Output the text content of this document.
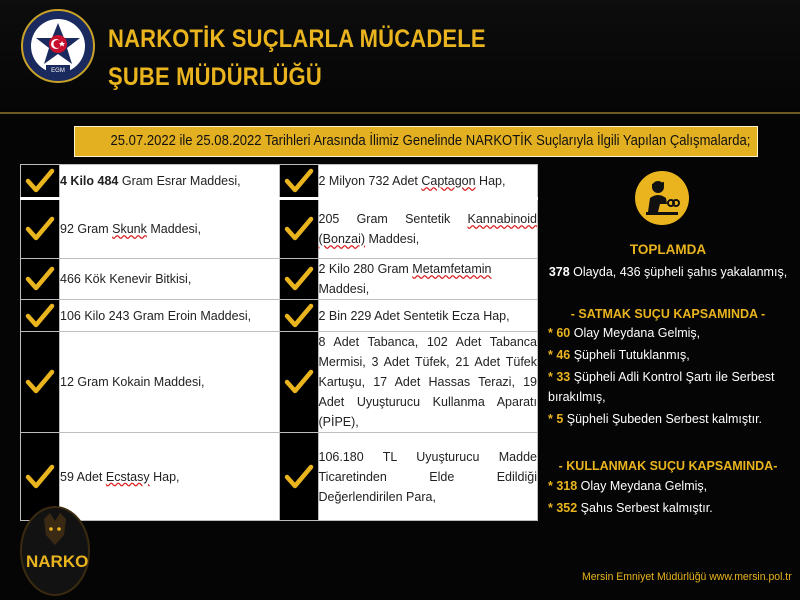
EGM
NARKOTİK SUÇLARLA MÜCADELE
ŞUBE MÜDÜRLÜĞÜ
25.07.2022 ile 25.08.2022 Tarihleri Arasında İlimiz Genelinde NARKOTİK Suçlarıyla İlgili Yapılan Çalışmalarda;
	4 Kilo 484 Gram Esrar Maddesi,		2 Milyon 732 Adet Captagon Hap,

	92 Gram Skunk Maddesi,		205 Gram Sentetik Kannabinoid (Bonzai) Maddesi,

	466 Kök Kenevir Bitkisi,		2 Kilo 280 Gram Metamfetamin Maddesi,

	106 Kilo 243 Gram Eroin Maddesi,		2 Bin 229 Adet Sentetik Ecza Hap,

	12 Gram Kokain Maddesi,		8 Adet Tabanca, 102 Adet Tabanca Mermisi, 3 Adet Tüfek, 21 Adet Tüfek Kartuşu, 17 Adet Hassas Terazi, 19 Adet Uyuşturucu Kullanma Aparatı (PİPE),

	59 Adet Ecstasy Hap,		106.180 TL Uyuşturucu Madde Ticaretinden Elde Edildiği Değerlendirilen Para,
TOPLAMDA
378 Olayda, 436 şüpheli şahıs yakalanmış,
- SATMAK SUÇU KAPSAMINDA -
* 60 Olay Meydana Gelmiş,
* 46 Şüpheli Tutuklanmış,
* 33 Şüpheli Adli Kontrol Şartı ile Serbest bırakılmış,
* 5 Şüpheli Şubeden Serbest kalmıştır.
- KULLANMAK SUÇU KAPSAMINDA-
* 318 Olay Meydana Gelmiş,
* 352 Şahıs Serbest kalmıştır.
NARKO
Mersin Emniyet Müdürlüğü www.mersin.pol.tr
